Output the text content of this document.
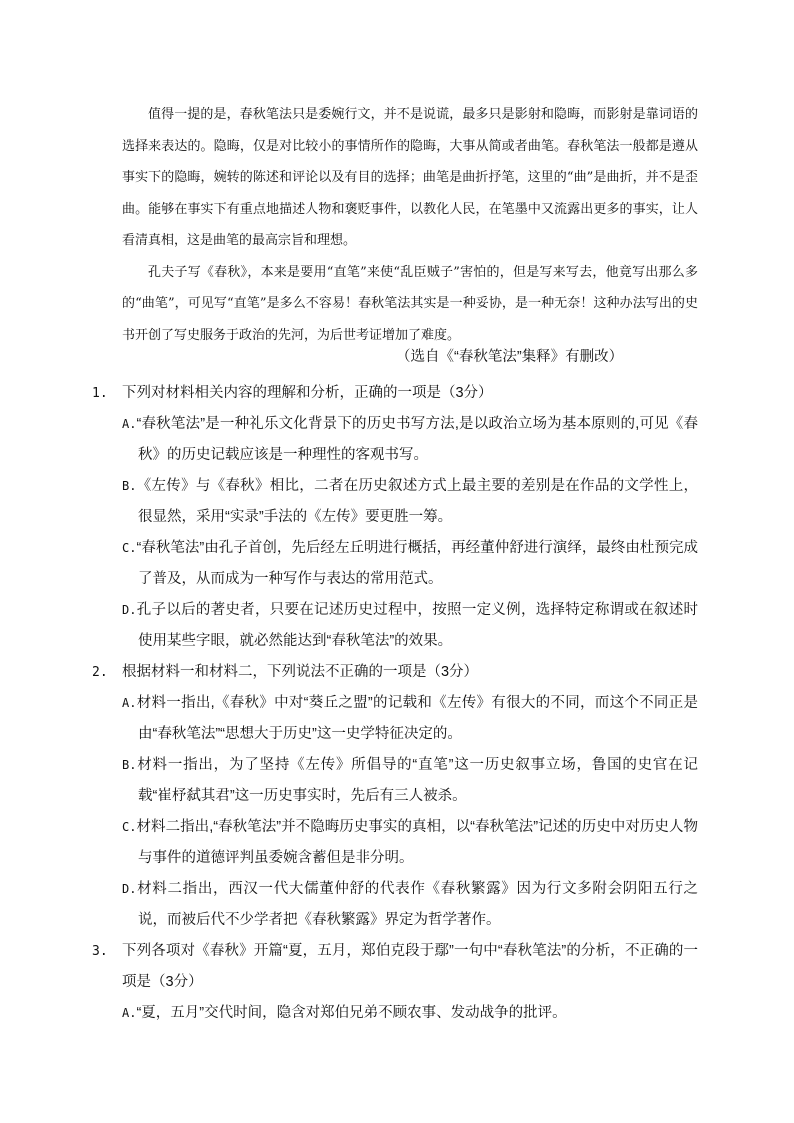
值得一提的是，春秋笔法只是委婉行文，并不是说谎，最多只是影射和隐晦，而影射是靠词语的选择来表达的。隐晦，仅是对比较小的事情所作的隐晦，大事从简或者曲笔。春秋笔法一般都是遵从事实下的隐晦，婉转的陈述和评论以及有目的选择；曲笔是曲折抒笔，这里的“曲”是曲折，并不是歪曲。能够在事实下有重点地描述人物和褒贬事件，以教化人民，在笔墨中又流露出更多的事实，让人看清真相，这是曲笔的最高宗旨和理想。

孔夫子写《春秋》，本来是要用“直笔”来使“乱臣贼子”害怕的，但是写来写去，他竟写出那么多的“曲笔”，可见写“直笔”是多么不容易！春秋笔法其实是一种妥协，是一种无奈！这种办法写出的史书开创了写史服务于政治的先河，为后世考证增加了难度。

（选自《“春秋笔法”集释》有删改）
1. 下列对材料相关内容的理解和分析，正确的一项是（3分）
A.“春秋笔法”是一种礼乐文化背景下的历史书写方法,是以政治立场为基本原则的,可见《春秋》的历史记载应该是一种理性的客观书写。
B.《左传》与《春秋》相比，二者在历史叙述方式上最主要的差别是在作品的文学性上，很显然，采用“实录”手法的《左传》要更胜一筹。
C.“春秋笔法”由孔子首创，先后经左丘明进行概括，再经董仲舒进行演绎，最终由杜预完成了普及，从而成为一种写作与表达的常用范式。
D.孔子以后的著史者，只要在记述历史过程中，按照一定义例，选择特定称谓或在叙述时使用某些字眼，就必然能达到“春秋笔法”的效果。
2. 根据材料一和材料二，下列说法不正确的一项是（3分）
A.材料一指出,《春秋》中对“葵丘之盟”的记载和《左传》有很大的不同，而这个不同正是由“春秋笔法”“思想大于历史”这一史学特征决定的。
B.材料一指出，为了坚持《左传》所倡导的“直笔”这一历史叙事立场，鲁国的史官在记载“崔杼弑其君”这一历史事实时，先后有三人被杀。
C.材料二指出,“春秋笔法”并不隐晦历史事实的真相，以“春秋笔法”记述的历史中对历史人物与事件的道德评判虽委婉含蓄但是非分明。
D.材料二指出，西汉一代大儒董仲舒的代表作《春秋繁露》因为行文多附会阴阳五行之说，而被后代不少学者把《春秋繁露》界定为哲学著作。
3. 下列各项对《春秋》开篇“夏，五月，郑伯克段于鄢”一句中“春秋笔法”的分析，不正确的一项是（3分）
A.“夏，五月”交代时间，隐含对郑伯兄弟不顾农事、发动战争的批评。
